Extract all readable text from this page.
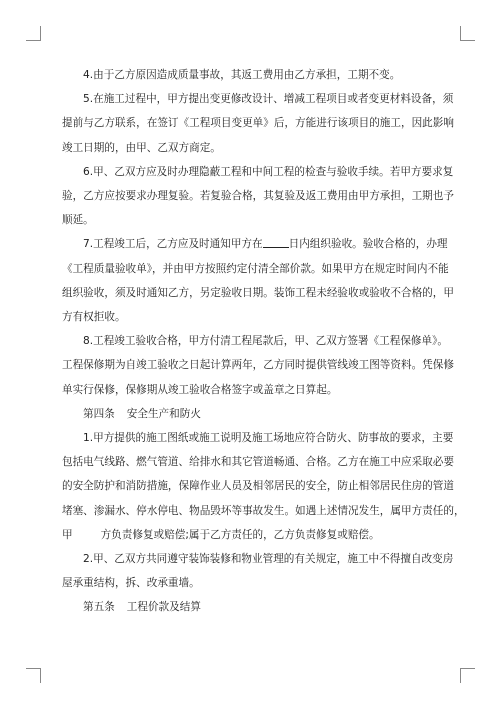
4.由于乙方原因造成质量事故，其返工费用由乙方承担，工期不变。

5.在施工过程中，甲方提出变更修改设计、增减工程项目或者变更材料设备，须

提前与乙方联系，在签订《工程项目变更单》后，方能进行该项目的施工，因此影响

竣工日期的，由甲、乙双方商定。

6.甲、乙双方应及时办理隐蔽工程和中间工程的检查与验收手续。若甲方要求复

验，乙方应按要求办理复验。若复验合格，其复验及返工费用由甲方承担，工期也予

顺延。

7.工程竣工后，乙方应及时通知甲方在 日内组织验收。验收合格的，办理

《工程质量验收单》，并由甲方按照约定付清全部价款。如果甲方在规定时间内不能

组织验收，须及时通知乙方，另定验收日期。装饰工程未经验收或验收不合格的，甲

方有权拒收。

8.工程竣工验收合格，甲方付清工程尾款后，甲、乙双方签署《工程保修单》。

工程保修期为自竣工验收之日起计算两年，乙方同时提供管线竣工图等资料。凭保修

单实行保修，保修期从竣工验收合格签字或盖章之日算起。

第四条 安全生产和防火

1.甲方提供的施工图纸或施工说明及施工场地应符合防火、防事故的要求，主要

包括电气线路、燃气管道、给排水和其它管道畅通、合格。乙方在施工中应采取必要

的安全防护和消防措施，保障作业人员及相邻居民的安全，防止相邻居民住房的管道

堵塞、渗漏水、停水停电、物品毁坏等事故发生。如遇上述情况发生，属甲方责任的，

甲	方负责修复或赔偿;属于乙方责任的，乙方负责修复或赔偿。

2.甲、乙双方共同遵守装饰装修和物业管理的有关规定，施工中不得擅自改变房

屋承重结构，拆、改承重墙。

第五条 工程价款及结算
